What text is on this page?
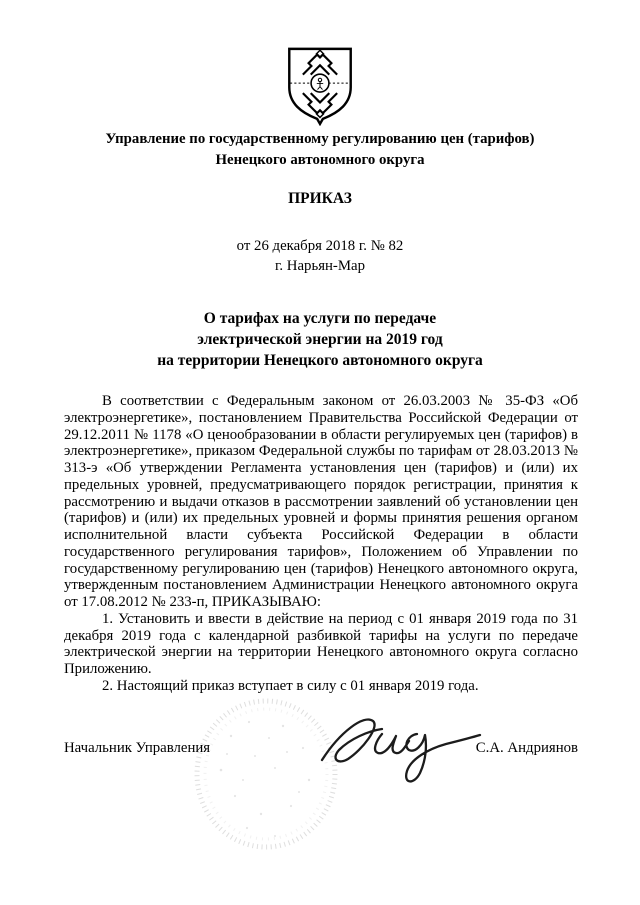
Управление по государственному регулированию цен (тарифов)
Ненецкого автономного округа
ПРИКАЗ
от 26 декабря 2018 г. № 82
г. Нарьян-Мар
О тарифах на услуги по передаче
электрической энергии на 2019 год
на территории Ненецкого автономного округа

В соответствии с Федеральным законом от 26.03.2003 № 35-ФЗ «Об электроэнергетике», постановлением Правительства Российской Федерации от 29.12.2011 № 1178 «О ценообразовании в области регулируемых цен (тарифов) в электроэнергетике», приказом Федеральной службы по тарифам от 28.03.2013 № 313-э «Об утверждении Регламента установления цен (тарифов) и (или) их предельных уровней, предусматривающего порядок регистрации, принятия к рассмотрению и выдачи отказов в рассмотрении заявлений об установлении цен (тарифов) и (или) их предельных уровней и формы принятия решения органом исполнительной власти субъекта Российской Федерации в области государственного регулирования тарифов», Положением об Управлении по государственному регулированию цен (тарифов) Ненецкого автономного округа, утвержденным постановлением Администрации Ненецкого автономного округа от 17.08.2012 № 233-п, ПРИКАЗЫВАЮ:

1. Установить и ввести в действие на период с 01 января 2019 года по 31 декабря 2019 года с календарной разбивкой тарифы на услуги по передаче электрической энергии на территории Ненецкого автономного округа согласно Приложению.

2. Настоящий приказ вступает в силу с 01 января 2019 года.

Начальник Управления	С.А. Андриянов
